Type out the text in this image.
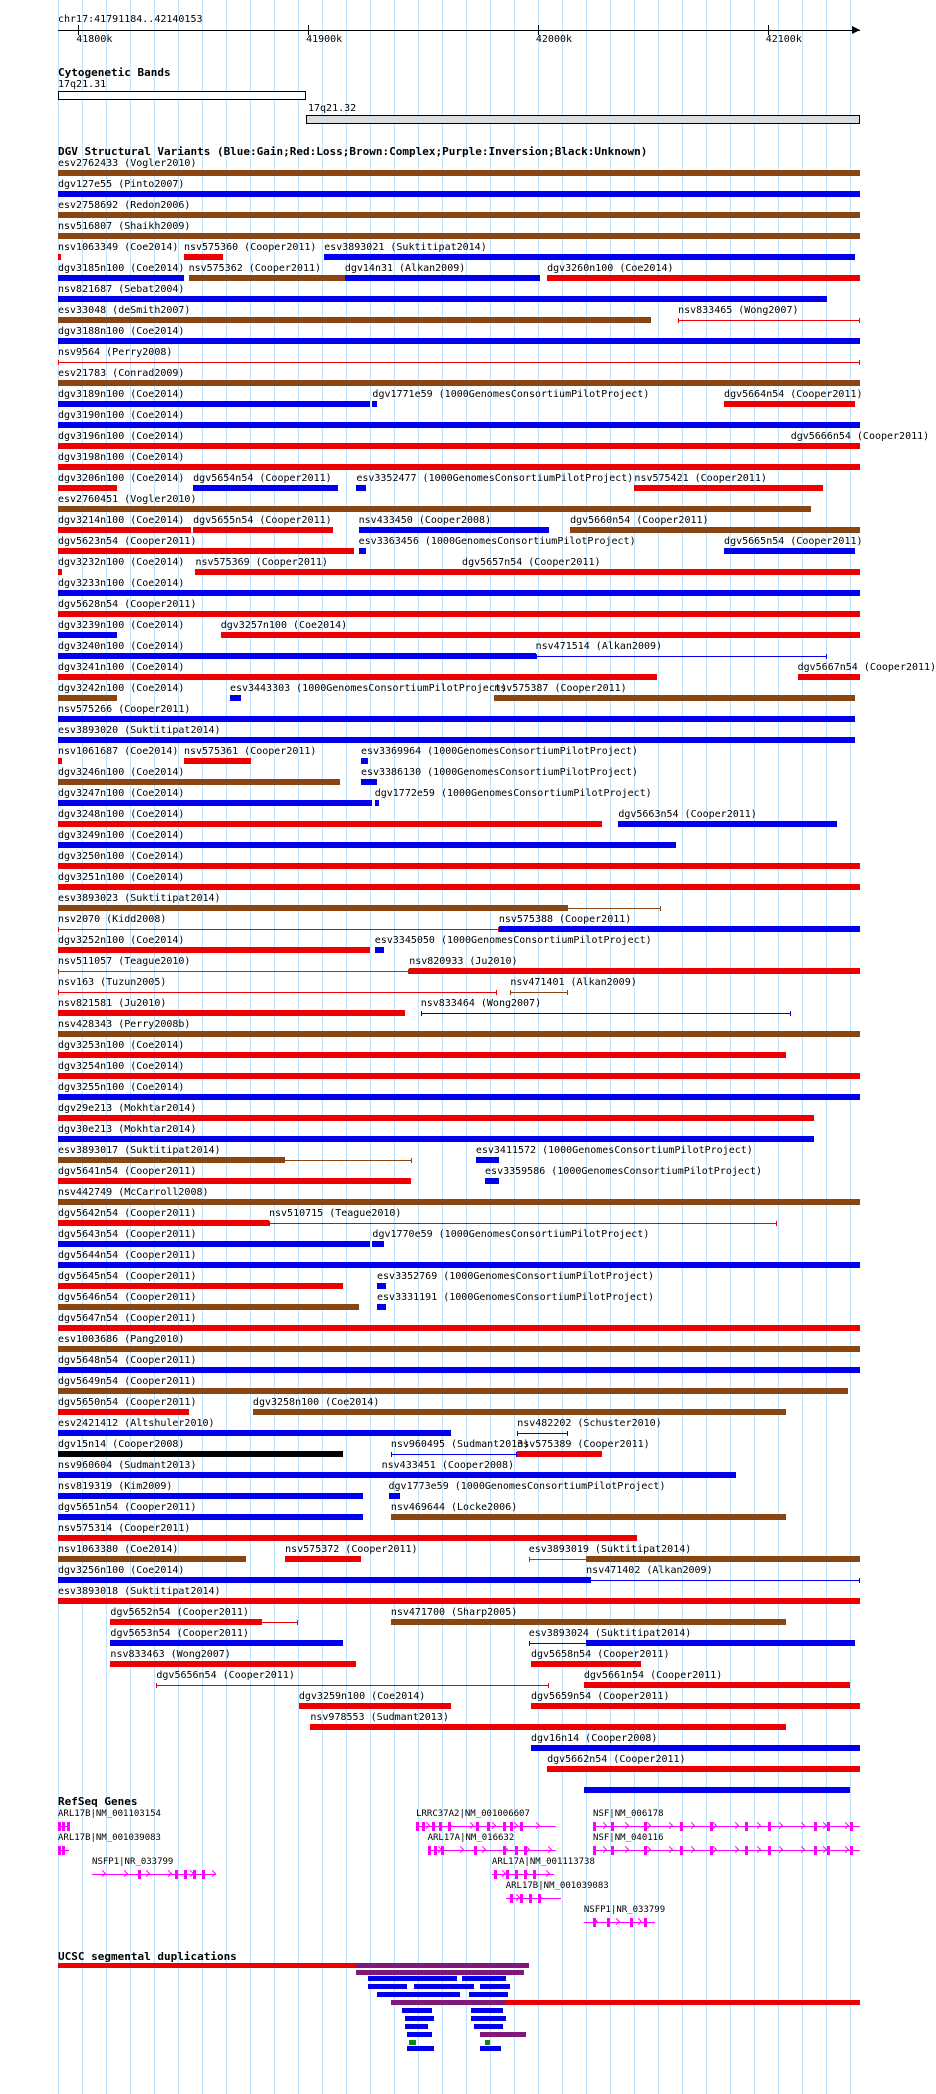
chr17:41791184..42140153
41800k	41900k	42000k	42100k
Cytogenetic Bands
17q21.31
17q21.32
DGV Structural Variants (Blue:Gain;Red:Loss;Brown:Complex;Purple:Inversion;Black:Unknown)
esv2762433 (Vogler2010)
dgv127e55 (Pinto2007)
esv2758692 (Redon2006)
nsv516807 (Shaikh2009)
nsv1063349 (Coe2014) nsv575360 (Cooper2011) esv3893021 (Suktitipat2014)
dgv3185n100 (Coe2014) nsv575362 (Cooper2011) dgv14n31 (Alkan2009)	dgv3260n100 (Coe2014)
nsv821687 (Sebat2004)
esv33048 (deSmith2007)	nsv833465 (Wong2007)
dgv3188n100 (Coe2014)
nsv9564 (Perry2008)
esv21783 (Conrad2009)
dgv3189n100 (Coe2014)	dgv1771e59 (1000GenomesConsortiumPilotProject)	dgv5664n54 (Cooper2011)
dgv3190n100 (Coe2014)
dgv3196n100 (Coe2014)	dgv5666n54 (Cooper2011)
dgv3198n100 (Coe2014)
dgv3206n100 (Coe2014) dgv5654n54 (Cooper2011) esv3352477 (1000GenomesConsortiumPilotProject) nsv575421 (Cooper2011)
esv2760451 (Vogler2010)
dgv3214n100 (Coe2014) dgv5655n54 (Cooper2011)	nsv433450 (Cooper2008)	dgv5660n54 (Cooper2011)
dgv5623n54 (Cooper2011)	esv3363456 (1000GenomesConsortiumPilotProject)	dgv5665n54 (Cooper2011)
dgv3232n100 (Coe2014) nsv575369 (Cooper2011)	dgv5657n54 (Cooper2011)
dgv3233n100 (Coe2014)
dgv5628n54 (Cooper2011)
dgv3239n100 (Coe2014)	dgv3257n100 (Coe2014)
dgv3240n100 (Coe2014)	nsv471514 (Alkan2009)
dgv3241n100 (Coe2014)	dgv5667n54 (Cooper2011)
dgv3242n100 (Coe2014)	esv3443303 (1000GenomesConsortiumPilotProject)
nsv575387 (Cooper2011)
nsv575266 (Cooper2011)
esv3893020 (Suktitipat2014)
nsv1061687 (Coe2014) nsv575361 (Cooper2011)	esv3369964 (1000GenomesConsortiumPilotProject)
dgv3246n100 (Coe2014)	esv3386130 (1000GenomesConsortiumPilotProject)
dgv3247n100 (Coe2014)	dgv1772e59 (1000GenomesConsortiumPilotProject)
dgv3248n100 (Coe2014)	dgv5663n54 (Cooper2011)
dgv3249n100 (Coe2014)
dgv3250n100 (Coe2014)
dgv3251n100 (Coe2014)
esv3893023 (Suktitipat2014)
nsv2070 (Kidd2008)	nsv575388 (Cooper2011)
dgv3252n100 (Coe2014)	esv3345050 (1000GenomesConsortiumPilotProject)
nsv511057 (Teague2010)	nsv820933 (Ju2010)
nsv163 (Tuzun2005)	nsv471401 (Alkan2009)
nsv821581 (Ju2010)	nsv833464 (Wong2007)
nsv428343 (Perry2008b)
dgv3253n100 (Coe2014)
dgv3254n100 (Coe2014)
dgv3255n100 (Coe2014)
dgv29e213 (Mokhtar2014)
dgv30e213 (Mokhtar2014)
esv3893017 (Suktitipat2014)	esv3411572 (1000GenomesConsortiumPilotProject)
dgv5641n54 (Cooper2011)	esv3359586 (1000GenomesConsortiumPilotProject)
nsv442749 (McCarroll2008)
dgv5642n54 (Cooper2011)	nsv510715 (Teague2010)
dgv5643n54 (Cooper2011)	dgv1770e59 (1000GenomesConsortiumPilotProject)
dgv5644n54 (Cooper2011)
dgv5645n54 (Cooper2011)	esv3352769 (1000GenomesConsortiumPilotProject)
dgv5646n54 (Cooper2011)	esv3331191 (1000GenomesConsortiumPilotProject)
dgv5647n54 (Cooper2011)
esv1003686 (Pang2010)
dgv5648n54 (Cooper2011)
dgv5649n54 (Cooper2011)
dgv5650n54 (Cooper2011)	dgv3258n100 (Coe2014)
esv2421412 (Altshuler2010)	nsv482202 (Schuster2010)
dgv15n14 (Cooper2008)	nsv960495 (Sudmant2013)
nsv575389 (Cooper2011)
nsv960604 (Sudmant2013)	nsv433451 (Cooper2008)
nsv819319 (Kim2009)	dgv1773e59 (1000GenomesConsortiumPilotProject)
dgv5651n54 (Cooper2011)	nsv469644 (Locke2006)
nsv575314 (Cooper2011)
nsv1063380 (Coe2014)	nsv575372 (Cooper2011)	esv3893019 (Suktitipat2014)
dgv3256n100 (Coe2014)	nsv471402 (Alkan2009)
esv3893018 (Suktitipat2014)
dgv5652n54 (Cooper2011)	nsv471700 (Sharp2005)
dgv5653n54 (Cooper2011)	esv3893024 (Suktitipat2014)
nsv833463 (Wong2007)	dgv5658n54 (Cooper2011)
dgv5656n54 (Cooper2011)	dgv5661n54 (Cooper2011)
dgv3259n100 (Coe2014)	dgv5659n54 (Cooper2011)
nsv978553 (Sudmant2013)
dgv16n14 (Cooper2008)
dgv5662n54 (Cooper2011)
RefSeq Genes
ARL17B|NM_001103154	LRRC37A2|NM_001006607	NSF|NM_006178
ARL17B|NM_001039083	ARL17A|NM_016632	NSF|NM_040116
NSFP1|NR_033799	ARL17A|NM_001113738
ARL17B|NM_001039083
NSFP1|NR_033799
UCSC segmental duplications
